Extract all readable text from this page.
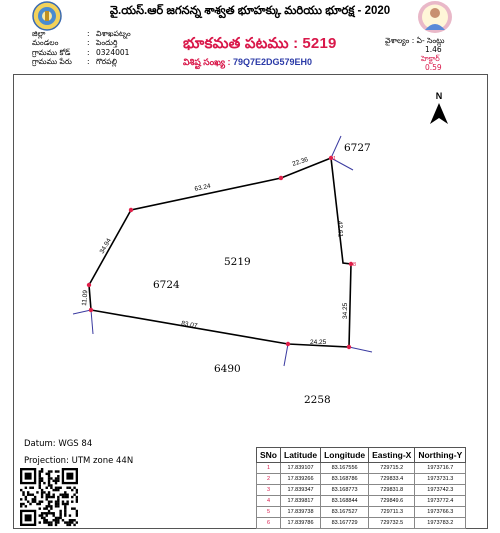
వై.యస్.ఆర్ జగనన్న శాశ్వత భూహక్కు మరియు భూరక్ష - 2020
జిల్లా	: విశాఖపట్నం
మండలం	: పెందుర్తి
గ్రామము కోడ్	: 0324001
గ్రామము పేరు	: గొరపల్లి
భూకమత పటము : 5219
విశిష్ట సంఖ్య : 79Q7E2DG579EH0
వైశాల్యం : ఏ- సెంట్లు
1.46
హెక్టార్
0.59
N
1
2
3
4
5
6	7
8
22.36
63.24
34.94
11.09
83.07
24.25
34.25
42.61
5219
6727
6724
6490
2258
Datum: WGS 84
Projection: UTM zone 44N
SNo	Latitude	Longitude	Easting-X	Northing-Y
1	17.839107	83.167556	729715.2	1973716.7
2	17.839266	83.168786	729833.4	1973731.3
3	17.839347	83.168773	729831.8	1973742.3
4	17.839817	83.168844	729849.6	1973772.4
5	17.839738	83.167527	729711.3	1973766.3
6	17.839786	83.167729	729732.5	1973783.2
